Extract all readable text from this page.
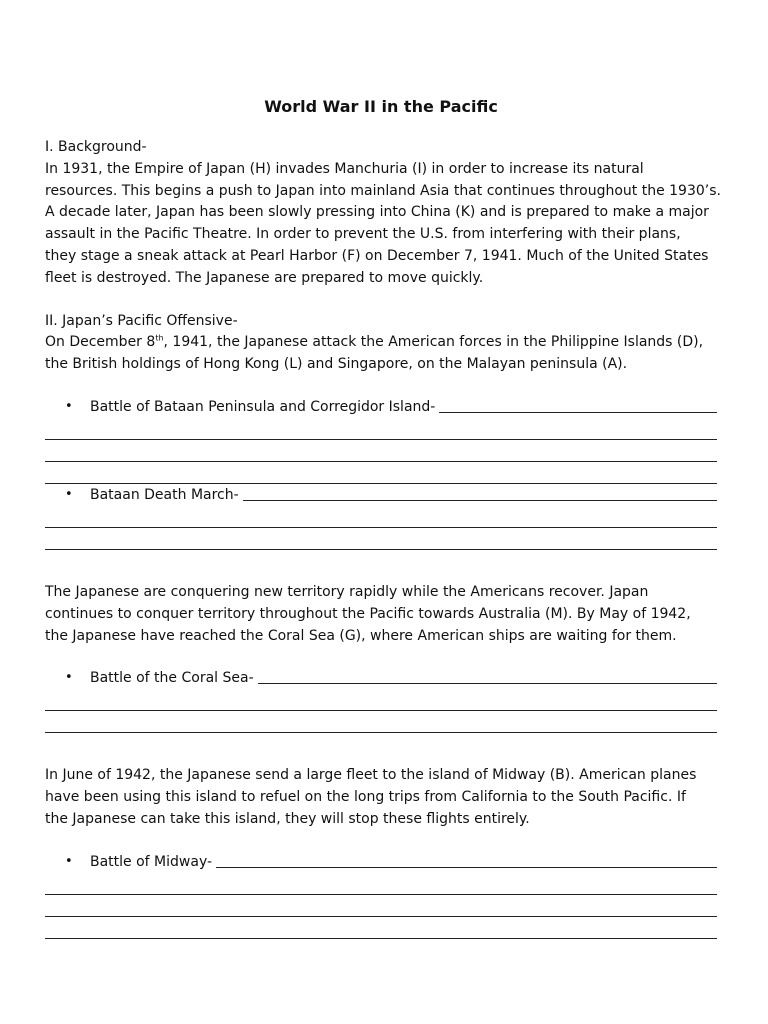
World War II in the Pacific
I. Background-
In 1931, the Empire of Japan (H) invades Manchuria (I) in order to increase its natural
resources. This begins a push to Japan into mainland Asia that continues throughout the 1930’s.
A decade later, Japan has been slowly pressing into China (K) and is prepared to make a major
assault in the Pacific Theatre. In order to prevent the U.S. from interfering with their plans,
they stage a sneak attack at Pearl Harbor (F) on December 7, 1941. Much of the United States
fleet is destroyed. The Japanese are prepared to move quickly.
II. Japan’s Pacific Offensive-
On December 8th, 1941, the Japanese attack the American forces in the Philippine Islands (D),
the British holdings of Hong Kong (L) and Singapore, on the Malayan peninsula (A).
•	Battle of Bataan Peninsula and Corregidor Island-
•	Bataan Death March-
The Japanese are conquering new territory rapidly while the Americans recover. Japan
continues to conquer territory throughout the Pacific towards Australia (M). By May of 1942,
the Japanese have reached the Coral Sea (G), where American ships are waiting for them.
•	Battle of the Coral Sea-
In June of 1942, the Japanese send a large fleet to the island of Midway (B). American planes
have been using this island to refuel on the long trips from California to the South Pacific. If
the Japanese can take this island, they will stop these flights entirely.
•	Battle of Midway-
